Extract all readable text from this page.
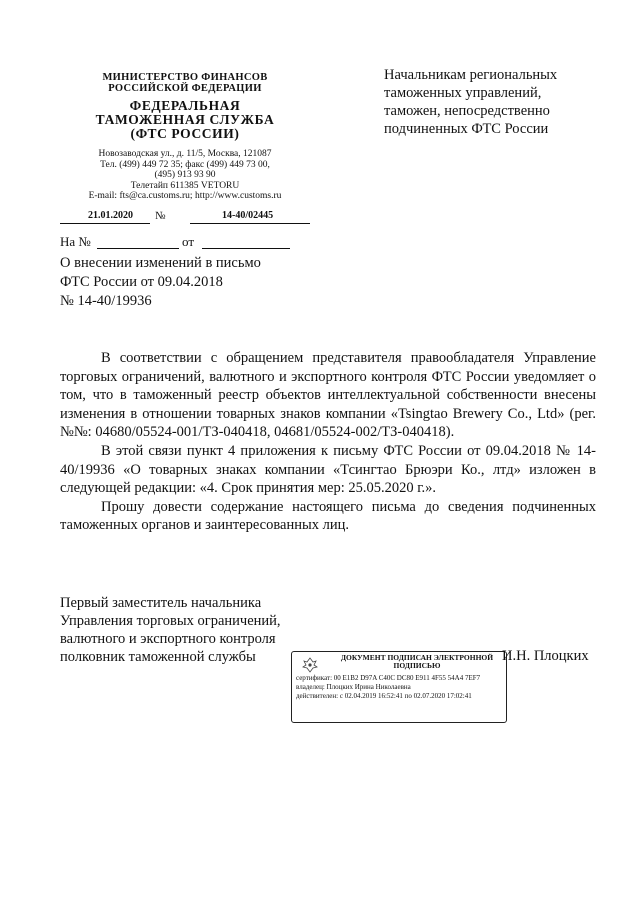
МИНИСТЕРСТВО ФИНАНСОВ
РОССИЙСКОЙ ФЕДЕРАЦИИ
ФЕДЕРАЛЬНАЯ
ТАМОЖЕННАЯ СЛУЖБА
(ФТС РОССИИ)
Новозаводская ул., д. 11/5, Москва, 121087
Тел. (499) 449 72 35; факс (499) 449 73 00,
(495) 913 93 90
Телетайп 611385 VETORU
E-mail: fts@ca.customs.ru; http://www.customs.ru
21.01.2020 №	14-40/02445
На №	от
Начальникам региональных
таможенных управлений,
таможен, непосредственно
подчиненных ФТС России
О внесении изменений в письмо
ФТС России от 09.04.2018
№ 14-40/19936

В соответствии с обращением представителя правообладателя Управление торговых ограничений, валютного и экспортного контроля ФТС России уведомляет о том, что в таможенный реестр объектов интеллектуальной собственности внесены изменения в отношении товарных знаков компании «Tsingtao Brewery Co., Ltd» (рег. №№: 04680/05524-001/ТЗ-040418, 04681/05524-002/ТЗ-040418).

В этой связи пункт 4 приложения к письму ФТС России от 09.04.2018 № 14-40/19936 «О товарных знаках компании «Тсингтао Брюэри Ко., лтд» изложен в следующей редакции: «4. Срок принятия мер: 25.05.2020 г.».

Прошу довести содержание настоящего письма до сведения подчиненных таможенных органов и заинтересованных лиц.

Первый заместитель начальника
Управления торговых ограничений,
валютного и экспортного контроля
полковник таможенной службы	ДОКУМЕНТ ПОДПИСАН ЭЛЕКТРОННОЙ ПОДПИСЬЮ
сертификат: 00 E1B2 D97A C40C DC80 E911 4F55 54A4 7EF7
владелец: Плоцких Ирина Николаевна
действителен: с 02.04.2019 16:52:41 по 02.07.2020 17:02:41
И.Н. Плоцких
